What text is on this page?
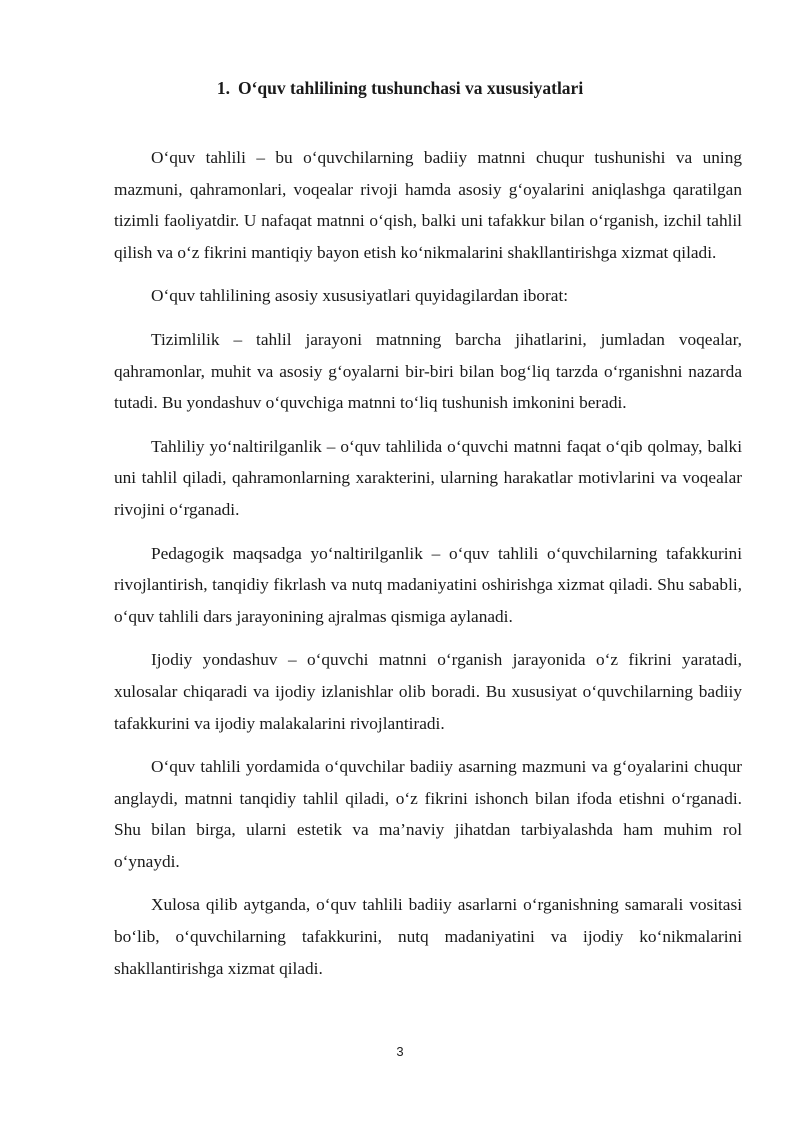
1. O‘quv tahlilining tushunchasi va xususiyatlari

O‘quv tahlili – bu o‘quvchilarning badiiy matnni chuqur tushunishi va uning mazmuni, qahramonlari, voqealar rivoji hamda asosiy g‘oyalarini aniqlashga qaratilgan tizimli faoliyatdir. U nafaqat matnni o‘qish, balki uni tafakkur bilan o‘rganish, izchil tahlil qilish va o‘z fikrini mantiqiy bayon etish ko‘nikmalarini shakllantirishga xizmat qiladi.

O‘quv tahlilining asosiy xususiyatlari quyidagilardan iborat:

Tizimlilik – tahlil jarayoni matnning barcha jihatlarini, jumladan voqealar, qahramonlar, muhit va asosiy g‘oyalarni bir-biri bilan bog‘liq tarzda o‘rganishni nazarda tutadi. Bu yondashuv o‘quvchiga matnni to‘liq tushunish imkonini beradi.

Tahliliy yo‘naltirilganlik – o‘quv tahlilida o‘quvchi matnni faqat o‘qib qolmay, balki uni tahlil qiladi, qahramonlarning xarakterini, ularning harakatlar motivlarini va voqealar rivojini o‘rganadi.

Pedagogik maqsadga yo‘naltirilganlik – o‘quv tahlili o‘quvchilarning tafakkurini rivojlantirish, tanqidiy fikrlash va nutq madaniyatini oshirishga xizmat qiladi. Shu sababli, o‘quv tahlili dars jarayonining ajralmas qismiga aylanadi.

Ijodiy yondashuv – o‘quvchi matnni o‘rganish jarayonida o‘z fikrini yaratadi, xulosalar chiqaradi va ijodiy izlanishlar olib boradi. Bu xususiyat o‘quvchilarning badiiy tafakkurini va ijodiy malakalarini rivojlantiradi.

O‘quv tahlili yordamida o‘quvchilar badiiy asarning mazmuni va g‘oyalarini chuqur anglaydi, matnni tanqidiy tahlil qiladi, o‘z fikrini ishonch bilan ifoda etishni o‘rganadi. Shu bilan birga, ularni estetik va ma’naviy jihatdan tarbiyalashda ham muhim rol o‘ynaydi.

Xulosa qilib aytganda, o‘quv tahlili badiiy asarlarni o‘rganishning samarali vositasi bo‘lib, o‘quvchilarning tafakkurini, nutq madaniyatini va ijodiy ko‘nikmalarini shakllantirishga xizmat qiladi.

3
